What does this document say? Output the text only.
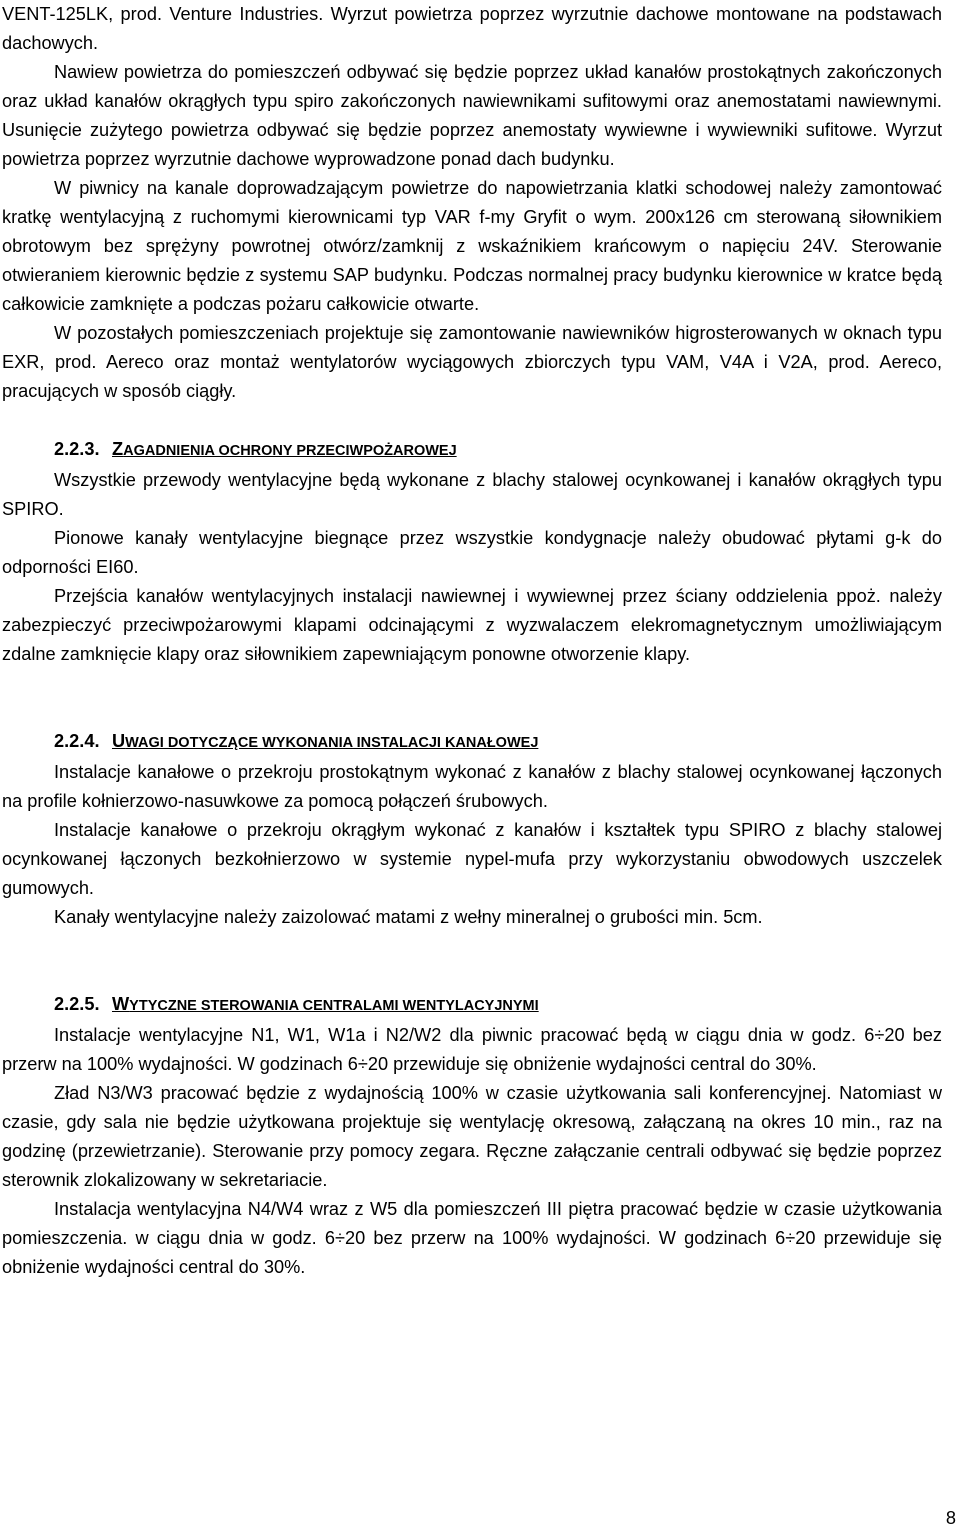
VENT-125LK, prod. Venture Industries. Wyrzut powietrza poprzez wyrzutnie dachowe montowane na podstawach dachowych.

Nawiew powietrza do pomieszczeń odbywać się będzie poprzez układ kanałów prostokątnych zakończonych oraz układ kanałów okrągłych typu spiro zakończonych nawiewnikami sufitowymi oraz anemostatami nawiewnymi. Usunięcie zużytego powietrza odbywać się będzie poprzez anemostaty wywiewne i wywiewniki sufitowe. Wyrzut powietrza poprzez wyrzutnie dachowe wyprowadzone ponad dach budynku.

W piwnicy na kanale doprowadzającym powietrze do napowietrzania klatki schodowej należy zamontować kratkę wentylacyjną z ruchomymi kierownicami typ VAR f-my Gryfit o wym. 200x126 cm sterowaną siłownikiem obrotowym bez sprężyny powrotnej otwórz/zamknij z wskaźnikiem krańcowym o napięciu 24V. Sterowanie otwieraniem kierownic będzie z systemu SAP budynku. Podczas normalnej pracy budynku kierownice w kratce będą całkowicie zamknięte a podczas pożaru całkowicie otwarte.

W pozostałych pomieszczeniach projektuje się zamontowanie nawiewników higrosterowanych w oknach typu EXR, prod. Aereco oraz montaż wentylatorów wyciągowych zbiorczych typu VAM, V4A i V2A, prod. Aereco, pracujących w sposób ciągły.

2.2.3. ZAGADNIENIA OCHRONY PRZECIWPOŻAROWEJ

Wszystkie przewody wentylacyjne będą wykonane z blachy stalowej ocynkowanej i kanałów okrągłych typu SPIRO.

Pionowe kanały wentylacyjne biegnące przez wszystkie kondygnacje należy obudować płytami g-k do odporności EI60.

Przejścia kanałów wentylacyjnych instalacji nawiewnej i wywiewnej przez ściany oddzielenia ppoż. należy zabezpieczyć przeciwpożarowymi klapami odcinającymi z wyzwalaczem elekromagnetycznym umożliwiającym zdalne zamknięcie klapy oraz siłownikiem zapewniającym ponowne otworzenie klapy.

2.2.4. UWAGI DOTYCZĄCE WYKONANIA INSTALACJI KANAŁOWEJ

Instalacje kanałowe o przekroju prostokątnym wykonać z kanałów z blachy stalowej ocynkowanej łączonych na profile kołnierzowo-nasuwkowe za pomocą połączeń śrubowych.

Instalacje kanałowe o przekroju okrągłym wykonać z kanałów i kształtek typu SPIRO z blachy stalowej ocynkowanej łączonych bezkołnierzowo w systemie nypel-mufa przy wykorzystaniu obwodowych uszczelek gumowych.

Kanały wentylacyjne należy zaizolować matami z wełny mineralnej o grubości min. 5cm.

2.2.5. WYTYCZNE STEROWANIA CENTRALAMI WENTYLACYJNYMI

Instalacje wentylacyjne N1, W1, W1a i N2/W2 dla piwnic pracować będą w ciągu dnia w godz. 6÷20 bez przerw na 100% wydajności. W godzinach 6÷20 przewiduje się obniżenie wydajności central do 30%.

Zład N3/W3 pracować będzie z wydajnością 100% w czasie użytkowania sali konferencyjnej. Natomiast w czasie, gdy sala nie będzie użytkowana projektuje się wentylację okresową, załączaną na okres 10 min., raz na godzinę (przewietrzanie). Sterowanie przy pomocy zegara. Ręczne załączanie centrali odbywać się będzie poprzez sterownik zlokalizowany w sekretariacie.

Instalacja wentylacyjna N4/W4 wraz z W5 dla pomieszczeń III piętra pracować będzie w czasie użytkowania pomieszczenia. w ciągu dnia w godz. 6÷20 bez przerw na 100% wydajności. W godzinach 6÷20 przewiduje się obniżenie wydajności central do 30%.

8
